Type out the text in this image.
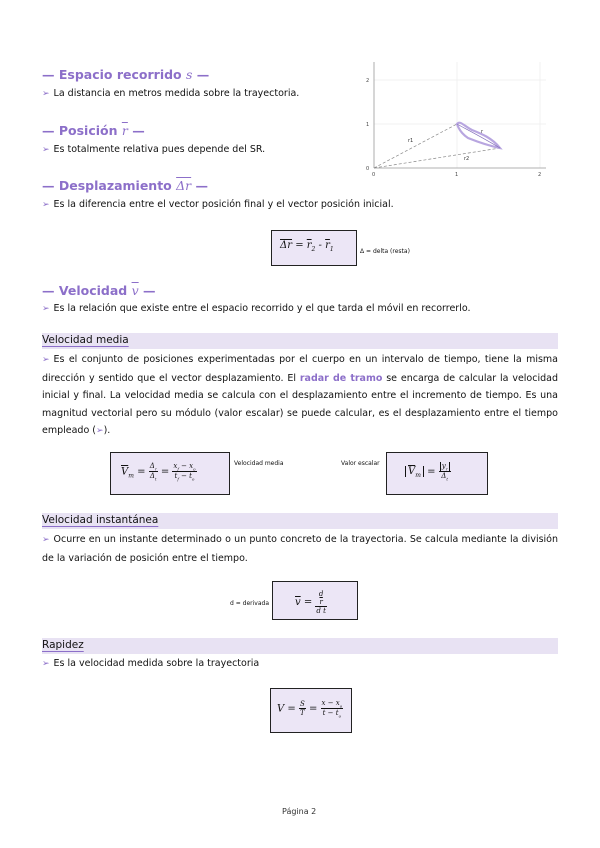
2
1
0
0	1	2
r1
r2
r
— Espacio recorrido s —
➢ La distancia en metros medida sobre la trayectoria.
— Posición $\overline{r}$ —
➢ Es totalmente relativa pues depende del SR.
— Desplazamiento $\overline{\Delta r}$ —
➢ Es la diferencia entre el vector posición final y el vector posición inicial.
$\overline{\Delta r} = \overline{r}_2 - \overline{r}_1$	Δ = delta (resta)
— Velocidad $\overline{v}$ —
➢ Es la relación que existe entre el espacio recorrido y el que tarda el móvil en recorrerlo.
Velocidad media
➢ Es el conjunto de posiciones experimentadas por el cuerpo en un intervalo de tiempo, tiene la misma dirección y sentido que el vector desplazamiento. El radar de tramo se encarga de calcular la velocidad inicial y final. La velocidad media se calcula con el desplazamiento entre el incremento de tiempo. Es una magnitud vectorial pero su módulo (valor escalar) se puede calcular, es el desplazamiento entre el tiempo empleado (➢).
$\overline{V}_m = \frac{\Delta_r}{\Delta_t} = \frac{x_f - x_o}{t_f - t_o}$	Velocidad media	Valor escalar
$\overline{V}_m = \frac{y_r}{\Delta_t}$
Velocidad instantánea
➢ Ocurre en un instante determinado o un punto concreto de la trayectoria. Se calcula mediante la división de la variación de posición entre el tiempo.
d = derivada	$\overline{v} = d$
$\overline{r}$
d t
Rapidez
➢ Es la velocidad medida sobre la trayectoria
$V = \frac{S}{T} = \frac{x - x_o}{t - t_o}$
Página 2
